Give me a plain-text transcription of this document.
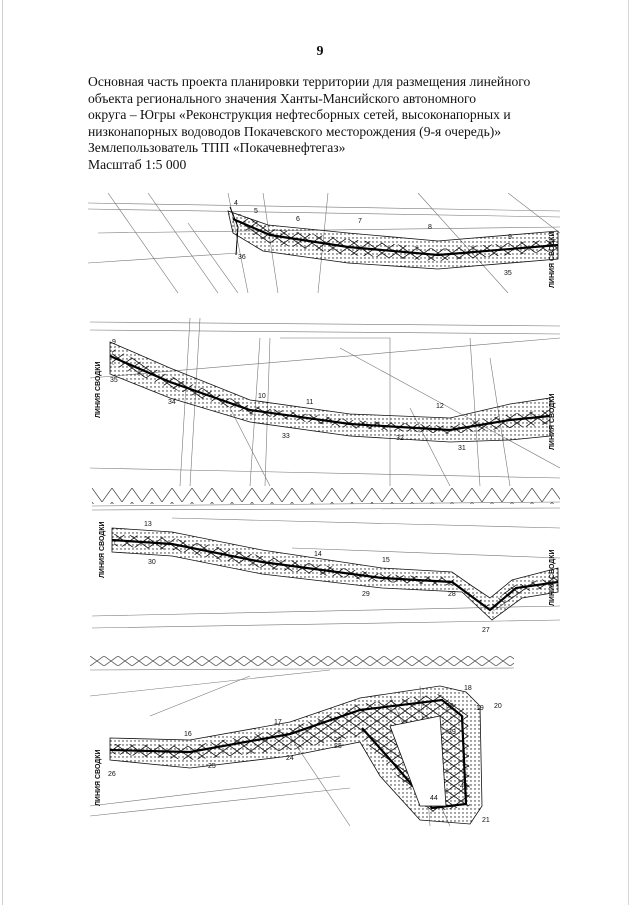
9
Основная часть проекта планировки территории для размещения линейного
объекта регионального значения Ханты-Мансийского автономного
округа – Югры «Реконструкция нефтесборных сетей, высоконапорных и
низконапорных водоводов Покачевского месторождения (9-я очередь)»
Землепользователь ТПП «Покачевнефтегаз»
Масштаб 1:5 000
4
5
6	7
8
9
36
35	ЛИНИЯ СВОДКИ
9
35
34
10
11
12
33	32
31
ЛИНИЯ СВОДКИ
ЛИНИЯ СВОДКИ
13
30
14
15
29	28
27
ЛИНИЯ СВОДКИ	ЛИНИЯ СВОДКИ
16
17
25
26
24
23
22
18
19 20
21
43
44
38
39
ЛИНИЯ СВОДКИ
